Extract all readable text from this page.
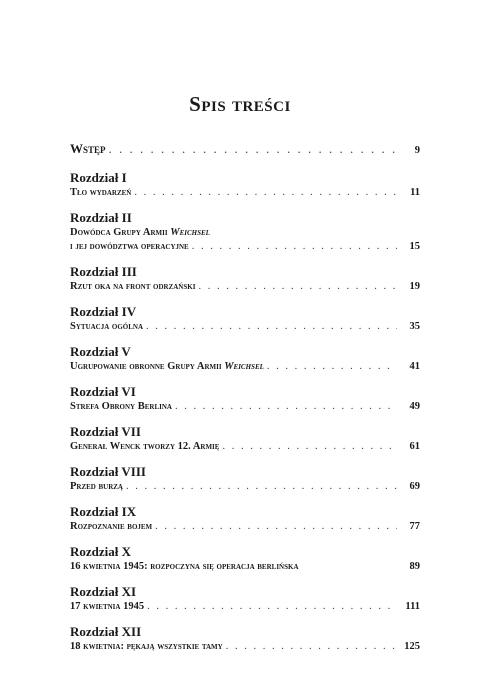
Spis treści
Wstęp . . .	9
Rozdział I
Tło wydarzeń . . .	11
Rozdział II
Dowódca Grupy Armii Weichsel
i jej dowództwa operacyjne . . .	15
Rozdział III
Rzut oka na front odrzański . . .	19
Rozdział IV
Sytuacja ogólna . . .	35
Rozdział V
Ugrupowanie obronne Grupy Armii Weichsel . . .	41
Rozdział VI
Strefa Obrony Berlina . . .	49
Rozdział VII
Generał Wenck tworzy 12. Armię . . .	61
Rozdział VIII
Przed burzą . . .	69
Rozdział IX
Rozpoznanie bojem . . .	77
Rozdział X
16 kwietnia 1945: rozpoczyna się operacja berlińska	89
Rozdział XI
17 kwietnia 1945 . . .	111
Rozdział XII
18 kwietnia: pękają wszystkie tamy . . .	125
